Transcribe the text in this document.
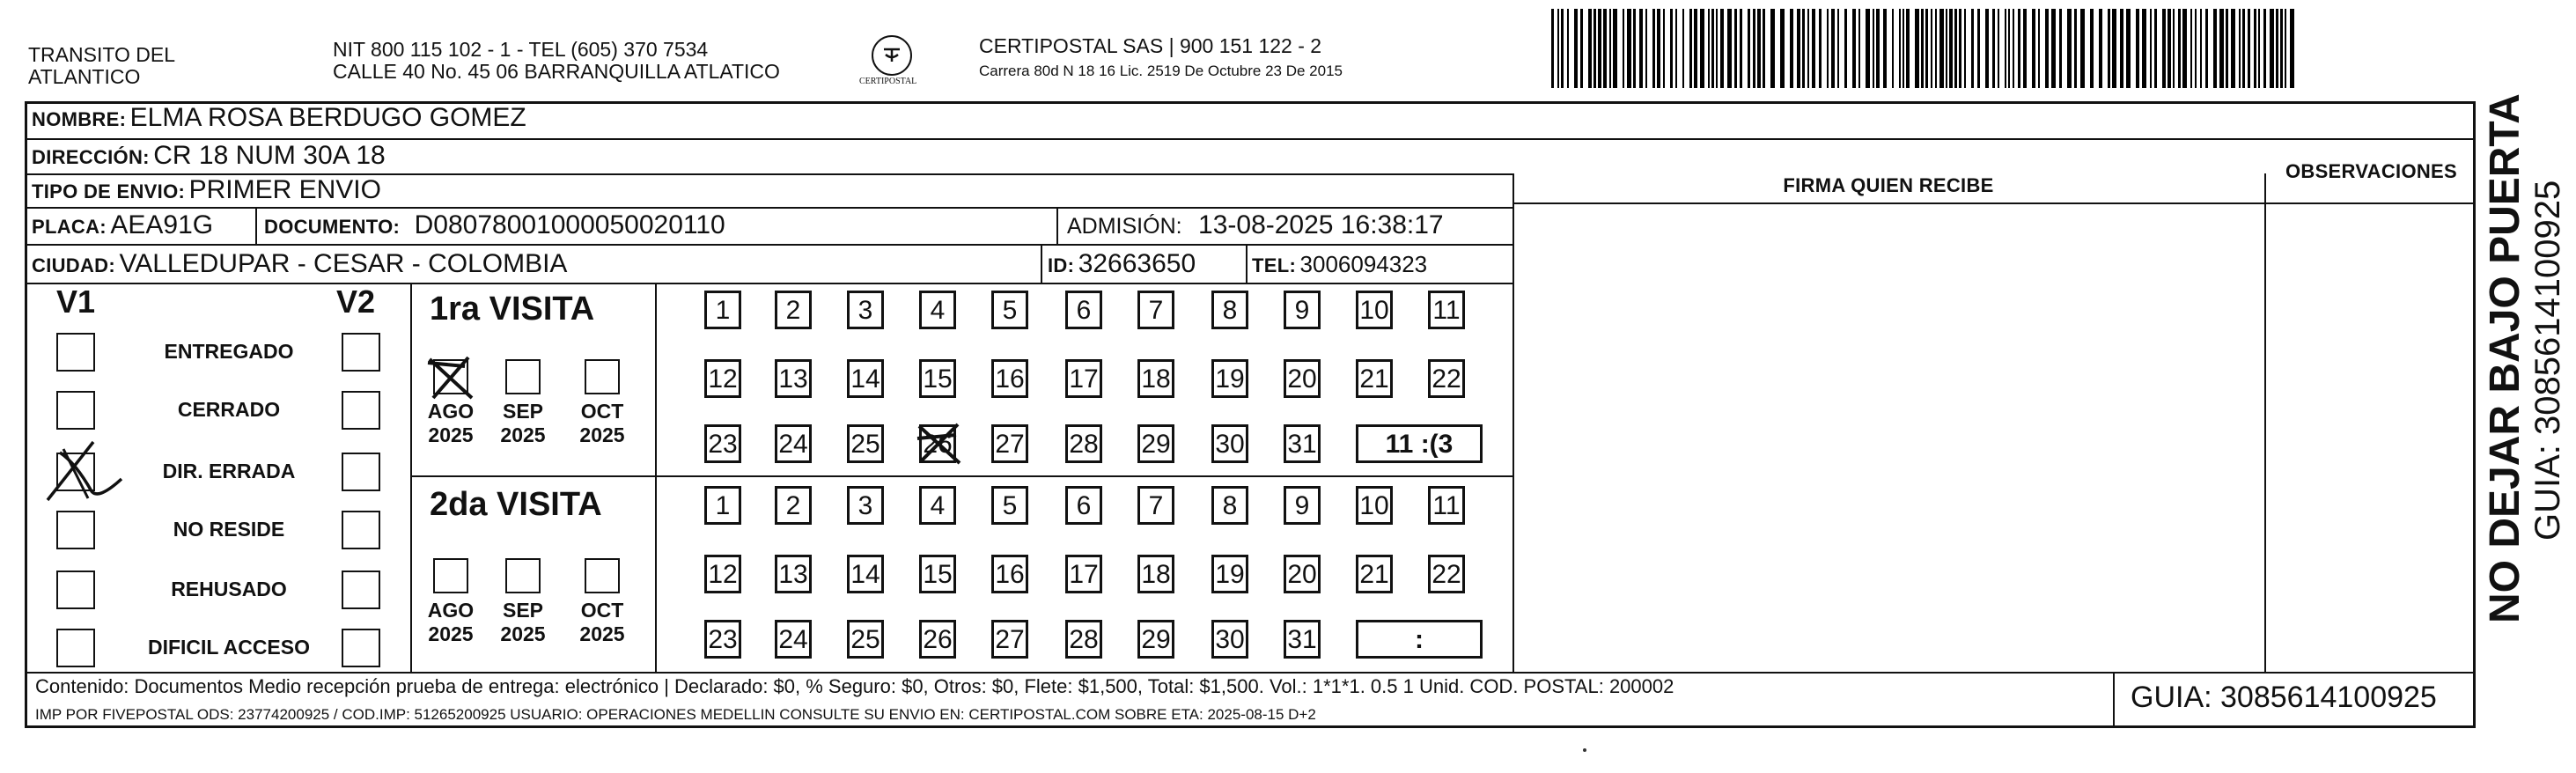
TRANSITO DEL
ATLANTICO
NIT 800 115 102 - 1 - TEL (605) 370 7534
CALLE 40 No. 45 06 BARRANQUILLA ATLATICO	CERTIPOSTAL
CERTIPOSTAL SAS | 900 151 122 - 2
Carrera 80d N 18 16 Lic. 2519 De Octubre 23 De 2015
NOMBRE: ELMA ROSA BERDUGO GOMEZ
DIRECCIÓN: CR 18 NUM 30A 18
TIPO DE ENVIO: PRIMER ENVIO
PLACA: AEA91G	DOCUMENTO: D08078001000050020110	ADMISIÓN: 13-08-2025 16:38:17
CIUDAD: VALLEDUPAR - CESAR - COLOMBIA	ID: 32663650	TEL: 3006094323
FIRMA QUIEN RECIBE
OBSERVACIONES
V1	V2
ENTREGADO
CERRADO
DIR. ERRADA
NO RESIDE
REHUSADO
DIFICIL ACCESO
1ra VISITA
2da VISITA
AGO
2025
SEP
2025
OCT
2025
1	2	3	4	5	6	7	8	9	10 11
12 13 14 15 16 17 18 19 20 21 22
23 24 25 26 27 28 29 30 31	11 :(3
AGO
2025
SEP
2025
OCT
2025
1	2	3	4	5	6	7	8	9	10 11
12 13 14 15 16 17 18 19 20 21 22
23 24 25 26 27 28 29 30 31	:
Contenido: Documentos Medio recepción prueba de entrega: electrónico | Declarado: $0, % Seguro: $0, Otros: $0, Flete: $1,500, Total: $1,500. Vol.: 1*1*1. 0.5 1 Unid. COD. POSTAL: 200002
IMP POR FIVEPOSTAL ODS: 23774200925 / COD.IMP: 51265200925 USUARIO: OPERACIONES MEDELLIN CONSULTE SU ENVIO EN: CERTIPOSTAL.COM SOBRE ETA: 2025-08-15 D+2
GUIA: 3085614100925
NO DEJAR BAJO PUERTA GUIA: 3085614100925
